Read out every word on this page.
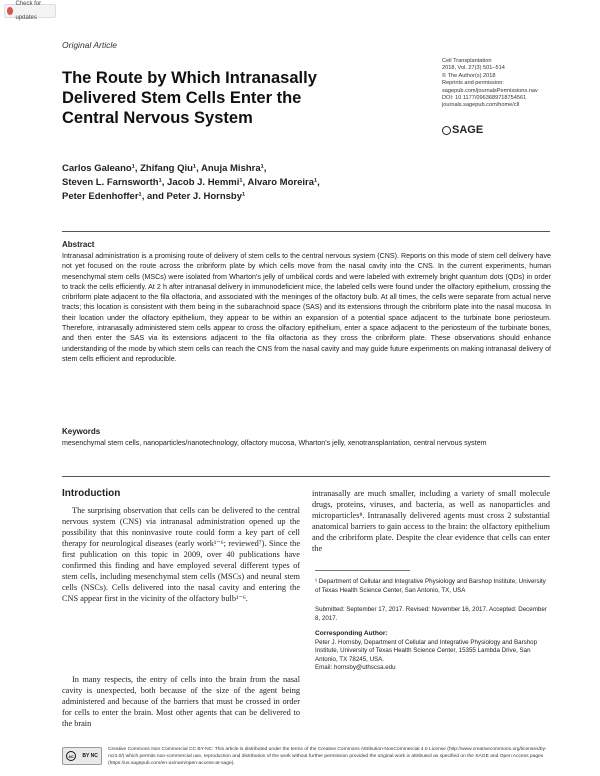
Check for updates
Original Article
The Route by Which Intranasally Delivered Stem Cells Enter the Central Nervous System
Cell Transplantation
2018, Vol. 27(3) 501–514
© The Author(s) 2018
Reprints and permission:
sagepub.com/journalsPermissions.nav
DOI: 10.1177/0963689718754561
journals.sagepub.com/home/cll
SAGE
Carlos Galeano¹, Zhifang Qiu¹, Anuja Mishra¹,
Steven L. Farnsworth¹, Jacob J. Hemmi¹, Alvaro Moreira¹,
Peter Edenhoffer¹, and Peter J. Hornsby¹
Abstract

Intranasal administration is a promising route of delivery of stem cells to the central nervous system (CNS). Reports on this mode of stem cell delivery have not yet focused on the route across the cribriform plate by which cells move from the nasal cavity into the CNS. In the current experiments, human mesenchymal stem cells (MSCs) were isolated from Wharton's jelly of umbilical cords and were labeled with extremely bright quantum dots (QDs) in order to track the cells efficiently. At 2 h after intranasal delivery in immunodeficient mice, the labeled cells were found under the olfactory epithelium, crossing the cribriform plate adjacent to the fila olfactoria, and associated with the meninges of the olfactory bulb. At all times, the cells were separate from actual nerve tracts; this location is consistent with them being in the subarachnoid space (SAS) and its extensions through the cribriform plate into the nasal mucosa. In their location under the olfactory epithelium, they appear to be within an expansion of a potential space adjacent to the turbinate bone periosteum. Therefore, intranasally administered stem cells appear to cross the olfactory epithelium, enter a space adjacent to the periosteum of the turbinate bones, and then enter the SAS via its extensions adjacent to the fila olfactoria as they cross the cribriform plate. These observations should enhance understanding of the mode by which stem cells can reach the CNS from the nasal cavity and may guide future experiments on making intranasal delivery of stem cells efficient and reproducible.

Keywords

mesenchymal stem cells, nanoparticles/nanotechnology, olfactory mucosa, Wharton's jelly, xenotransplantation, central nervous system

Introduction

The surprising observation that cells can be delivered to the central nervous system (CNS) via intranasal administration opened up the possibility that this noninvasive route could form a key part of cell therapy for neurological diseases (early work¹⁻⁶; reviewed⁷). Since the first publication on this topic in 2009, over 40 publications have confirmed this finding and have employed several different types of stem cells, including mesenchymal stem cells (MSCs) and neural stem cells (NSCs). Cells delivered into the nasal cavity and entering the CNS appear first in the vicinity of the olfactory bulb¹⁻⁶.

In many respects, the entry of cells into the brain from the nasal cavity is unexpected, both because of the size of the agent being administered and because of the barriers that must be crossed in order for cells to enter the brain. Most other agents that can be delivered to the brain

intranasally are much smaller, including a variety of small molecule drugs, proteins, viruses, and bacteria, as well as nanoparticles and microparticles⁸. Intranasally delivered agents must cross 2 substantial anatomical barriers to gain access to the brain: the olfactory epithelium and the cribriform plate. Despite the clear evidence that cells can enter the

¹ Department of Cellular and Integrative Physiology and Barshop Institute, University of Texas Health Science Center, San Antonio, TX, USA
Submitted: September 17, 2017. Revised: November 16, 2017. Accepted: December 8, 2017.
Corresponding Author:
Peter J. Hornsby, Department of Cellular and Integrative Physiology and Barshop Institute, University of Texas Health Science Center, 15355 Lambda Drive, San Antonio, TX 78245, USA.
Email: hornsby@uthscsa.edu
cc	BY NC

Creative Commons Non Commercial CC BY-NC: This article is distributed under the terms of the Creative Commons Attribution-NonCommercial 4.0 License (http://www.creativecommons.org/licenses/by-nc/4.0/) which permits non-commercial use, reproduction and distribution of the work without further permission provided the original work is attributed as specified on the SAGE and Open Access pages (https://us.sagepub.com/en-us/nam/open-access-at-sage).
